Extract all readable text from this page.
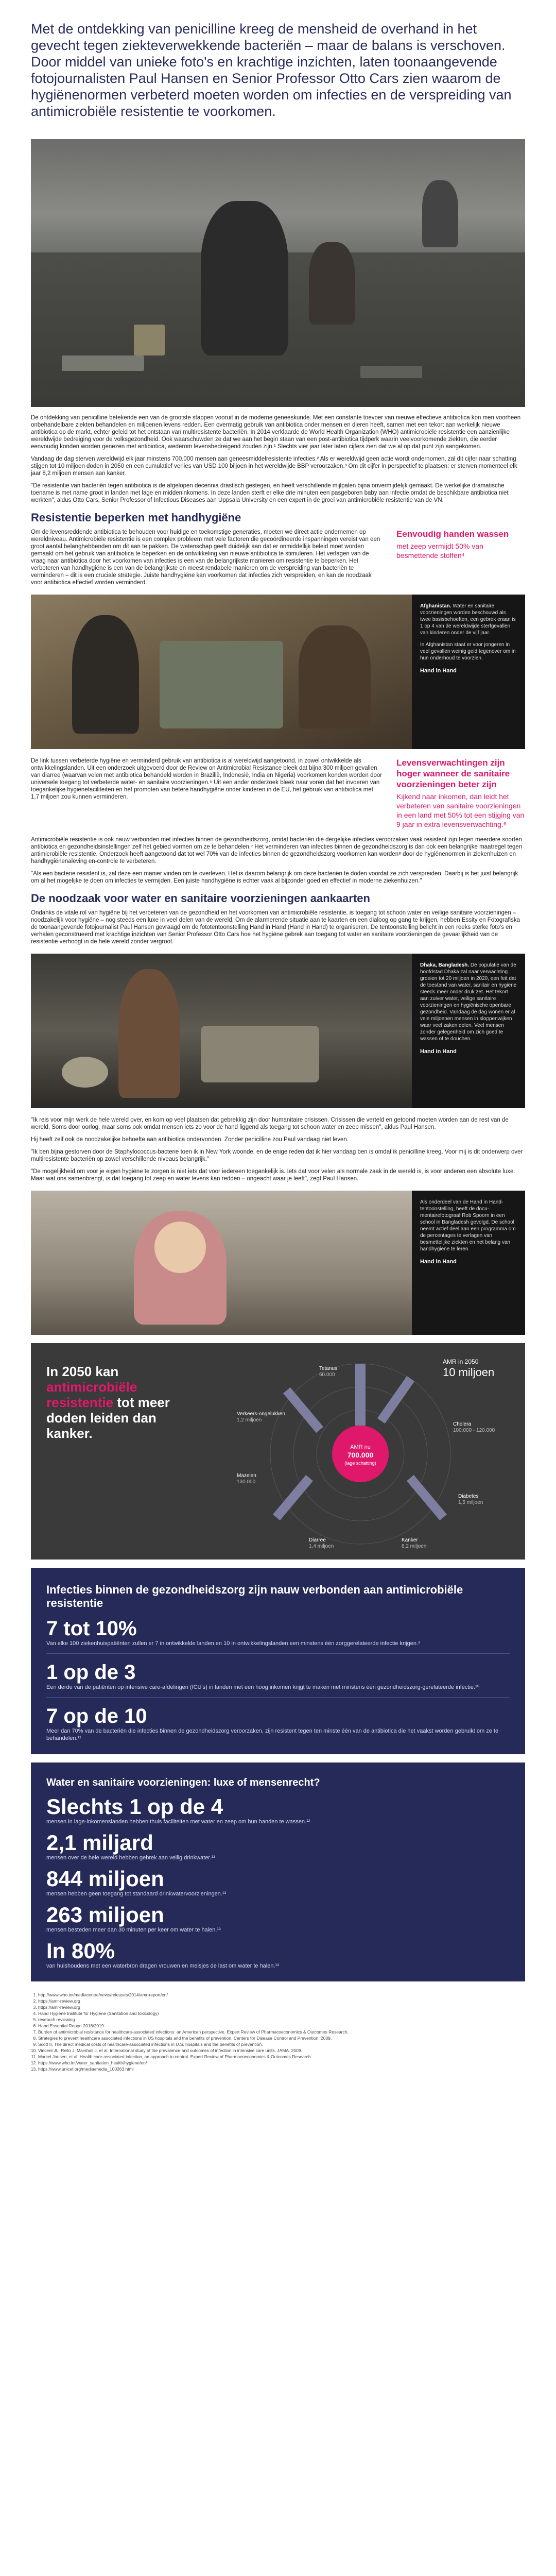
Met de ontdekking van penicilline kreeg de mensheid de overhand in het gevecht tegen ziekteverwekkende bacteriën – maar de balans is verschoven. Door middel van unieke foto's en krachtige inzichten, laten toonaangevende fotojournalisten Paul Hansen en Senior Professor Otto Cars zien waarom de hygiënenormen verbeterd moeten worden om infecties en de verspreiding van antimicrobiële resistentie te voorkomen.

De ontdekking van penicilline betekende een van de grootste stappen vooruit in de moderne geneeskunde. Met een constante toevoer van nieuwe effectieve antibiotica kon men voorheen onbehandelbare ziekten behandelen en miljoenen levens redden. Een overmatig gebruik van antibiotica onder mensen en dieren heeft, samen met een tekort aan werkelijk nieuwe antibiotica op de markt, echter geleid tot het ontstaan van multiresistente bacteriën. In 2014 verklaarde de World Health Organization (WHO) antimicrobiële resistentie een aanzienlijke wereldwijde bedreiging voor de volksgezondheid. Ook waarschuwden ze dat we aan het begin staan van een post-antibiotica tijdperk waarin veelvoorkomende ziekten, die eerder eenvoudig konden worden genezen met antibiotica, wederom levensbedreigend zouden zijn.¹ Slechts vier jaar later laten cijfers zien dat we al op dat punt zijn aangekomen.

Vandaag de dag sterven wereldwijd elk jaar minstens 700.000 mensen aan geneesmiddelresistente infecties.² Als er wereldwijd geen actie wordt ondernomen, zal dit cijfer naar schatting stijgen tot 10 miljoen doden in 2050 en een cumulatief verlies van USD 100 biljoen in het wereldwijde BBP veroorzaken.³ Om dit cijfer in perspectief te plaatsen: er sterven momenteel elk jaar 8,2 miljoen mensen aan kanker.

"De resistentie van bacteriën tegen antibiotica is de afgelopen decennia drastisch gestegen, en heeft verschillende mijlpalen bijna onvermijdelijk gemaakt. De werkelijke dramatische toename is met name groot in landen met lage en middeninkomens. In deze landen sterft er elke drie minuten een pasgeboren baby aan infectie omdat de beschikbare antibiotica niet werkten", aldus Otto Cars, Senior Professor of Infectious Diseases aan Uppsala University en een expert in de groei van antimicrobiële resistentie van de VN.

Resistentie beperken met handhygiëne
Om de levensreddende antibiotica te behouden voor huidige en toekomstige generaties, moeten we direct actie ondernemen op wereldniveau. Antimicrobiële resistentie is een complex probleem met vele factoren die gecoördineerde inspanningen vereist van een groot aantal belanghebbenden om dit aan te pakken. De wetenschap geeft duidelijk aan dat er onmiddellijk beleid moet worden gemaakt om het gebruik van antibiotica te beperken en de ontwikkeling van nieuwe antibiotica te stimuleren. Het verlagen van de vraag naar antibiotica door het voorkomen van infecties is een van de belangrijkste manieren om resistentie te beperken. Het verbeteren van handhygiëne is een van de belangrijkste en meest rendabele manieren om de verspreiding van bacteriën te verminderen – dit is een cruciale strategie. Juiste handhygiëne kan voorkomen dat infecties zich verspreiden, en kan de noodzaak voor antibiotica effectief worden verminderd.
Eenvoudig handen wassen
met zeep vermijdt 50% van besmettende stoffen⁴
Afghanistan. Water en sanitaire voorzieningen worden beschouwd als twee basisbehoeften, een gebrek eraan is 1 op 4 van de wereldwijde sterfgevallen van kinderen onder de vijf jaar.

In Afghanistan staat er voor jongeren in veel gevallen weinig geld tegenover om in hun onderhoud te voorzien.

Hand in Hand
De link tussen verbeterde hygiëne en verminderd gebruik van antibiotica is al wereldwijd aangetoond, in zowel ontwikkelde als ontwikkelingslanden. Uit een onderzoek uitgevoerd door de Review on Antimicrobial Resistance bleek dat bijna 300 miljoen gevallen van diarree (waarvan velen met antibiotica behandeld worden in Brazilië, Indonesië, India en Nigeria) voorkomen konden worden door universele toegang tot verbeterde water- en sanitaire voorzieningen.⁵ Uit een ander onderzoek bleek naar voren dat het invoeren van toegankelijke hygiënefaciliteiten en het promoten van betere handhygiëne onder kinderen in de EU, het gebruik van antibiotica met 1,7 miljoen zou kunnen verminderen.
Levensverwachtingen zijn hoger wanneer de sanitaire voorzieningen beter zijn
Kijkend naar inkomen, dan leidt het verbeteren van sanitaire voorzieningen in een land met 50% tot een stijging van 9 jaar in extra levensverwachting.⁶

Antimicrobiële resistentie is ook nauw verbonden met infecties binnen de gezondheidszorg, omdat bacteriën die dergelijke infecties veroorzaken vaak resistent zijn tegen meerdere soorten antibiotica en gezondheidsinstellingen zelf het gebied vormen om ze te behandelen.⁷ Het verminderen van infecties binnen de gezondheidszorg is dan ook een belangrijke maatregel tegen antimicrobiële resistentie. Onderzoek heeft aangetoond dat tot wel 70% van de infecties binnen de gezondheidszorg voorkomen kan worden⁸ door de hygiënenormen in ziekenhuizen en handhygiënenaleving en-controle te verbeteren.

"Als een bacterie resistent is, zal deze een manier vinden om te overleven. Het is daarom belangrijk om deze bacteriën te doden voordat ze zich verspreiden. Daarbij is het juist belangrijk om al het mogelijke te doen om infecties te vermijden. Een juiste handhygiëne is echter vaak al bijzonder goed en effectief in moderne ziekenhuizen."

De noodzaak voor water en sanitaire voorzieningen aankaarten

Ondanks de vitale rol van hygiëne bij het verbeteren van de gezondheid en het voorkomen van antimicrobiële resistentie, is toegang tot schoon water en veilige sanitaire voorzieningen – noodzakelijk voor hygiëne – nog steeds een luxe in veel delen van de wereld. Om de alarmerende situatie aan te kaarten en een dialoog op gang te krijgen, hebben Essity en Fotografiska de toonaangevende fotojournalist Paul Hansen gevraagd om de fototentoonstelling Hand in Hand (Hand in Hand) te organiseren. De tentoonstelling belicht in een reeks sterke foto's en verhalen geconstrueerd met krachtige inzichten van Senior Professor Otto Cars hoe het hygiëne gebrek aan toegang tot water en sanitaire voorzieningen de gevaarlijkheid van de resistentie verhoogt in de hele wereld zonder vergroot.

Dhaka, Bangladesh. De populatie van de hoofdstad Dhaka zal naar verwachting groeien tot 20 miljoen in 2020, een feit dat de toestand van water, sanitair en hygiëne steeds meer onder druk zet. Het tekort aan zuiver water, veilige sanitaire voorzieningen en hygiënische openbare gezondheid. Vandaag de dag wonen er al vele miljoenen mensen in sloppenwijken waar veel zaken delen. Veel mensen zonder gelegenheid om zich goed te wassen of te douchen.
Hand in Hand

"Ik reis voor mijn werk de hele wereld over, en kom op veel plaatsen dat gebrekkig zijn door humanitaire crisissen. Crisissen die verteld en getoond moeten worden aan de rest van de wereld. Soms door oorlog, maar soms ook omdat mensen iets zo voor de hand liggend als toegang tot schoon water en zeep missen", aldus Paul Hansen.

Hij heeft zelf ook de noodzakelijke behoefte aan antibiotica ondervonden. Zonder penicilline zou Paul vandaag niet leven.

"Ik ben bijna gestorven door de Staphylococcus-bacterie toen ik in New York woonde, en de enige reden dat ik hier vandaag ben is omdat ik penicilline kreeg. Voor mij is dit onderwerp over multiresistente bacteriën op zowel verschillende niveaus belangrijk."

"De mogelijkheid om voor je eigen hygiëne te zorgen is niet iets dat voor iedereen toegankelijk is. Iets dat voor velen als normale zaak in de wereld is, is voor anderen een absolute luxe. Maar wat ons samenbrengt, is dat toegang tot zeep en water levens kan redden – ongeacht waar je leeft", zegt Paul Hansen.

Als onderdeel van de Hand in Hand-tentoonstelling, heeft de docu-mentairefotograaf Rob Spoorn in een school in Bangladesh gevolgd. De school neemt actief deel aan een programma om de percentages te verlagen van besmettelijke ziekten en het belang van handhygiëne te leren.
Hand in Hand
In 2050 kan antimicrobiële resistentie tot meer doden leiden dan kanker.
AMR nu
700.000
(lage schatting)
AMR in 2050
10 miljoen
Tetanus
60.000
Verkeers-ongelukken
1,2 miljoen
Cholera
100.000 - 120.000
Mazelen
130.000
Diarree
1,4 miljoen
Diabetes
1,5 miljoen
Kanker
8,2 miljoen
Infecties binnen de gezondheidszorg zijn nauw verbonden aan antimicrobiële resistentie
7 tot 10%
Van elke 100 ziekenhuispatiënten zullen er 7 in ontwikkelde landen en 10 in ontwikkelingslanden een minstens één zorggerelateerde infectie krijgen.⁹
1 op de 3
Een derde van de patiënten op intensive care-afdelingen (ICU's) in landen met een hoog inkomen krijgt te maken met minstens één gezondheidszorg-gerelateerde infectie.¹⁰
7 op de 10
Meer dan 70% van de bacteriën die infecties binnen de gezondheidszorg veroorzaken, zijn resistent tegen ten minste één van de antibiotica die het vaakst worden gebruikt om ze te behandelen.¹¹
Water en sanitaire voorzieningen: luxe of mensenrecht?
Slechts 1 op de 4
mensen in lage-inkomenslanden hebben thuis faciliteiten met water en zeep om hun handen te wassen.¹²
2,1 miljard
mensen over de hele wereld hebben gebrek aan veilig drinkwater.¹³
844 miljoen
mensen hebben geen toegang tot standaard drinkwatervoorzieningen.¹³
263 miljoen
mensen besteden meer dan 30 minuten per keer om water te halen.¹³
In 80%
van huishoudens met een waterbron dragen vrouwen en meisjes de last om water te halen.¹³
1. http://www.who.int/mediacentre/news/releases/2014/amr-report/en/
2. https://amr-review.org
3. https://amr-review.org
4. Hand Hygiene Institute for Hygiene (Sanitation and toxicology)
5. research reviewing
6. Hand Essential Report 2018/2019
7. Burden of antimicrobial resistance for healthcare-associated infections: an American perspective. Expert Review of Pharmacoeconomics & Outcomes Research.
8. Strategies to prevent healthcare associated infections in US hospitals and the benefits of prevention. Centers for Disease Control and Prevention, 2009.
9. Scott II, The direct medical costs of healthcare-associated infections in U.S. hospitals and the benefits of prevention.
10. Vincent JL, Rello J, Marshall J, et al. International study of the prevalence and outcomes of infection in intensive care units. JAMA. 2009.
11. Marcel Jansen, et al. Health care-associated infection, an approach to control. Expert Review of Pharmacoeconomics & Outcomes Research.
12. https://www.who.int/water_sanitation_health/hygiene/en/
13. https://www.unicef.org/media/media_100263.html
